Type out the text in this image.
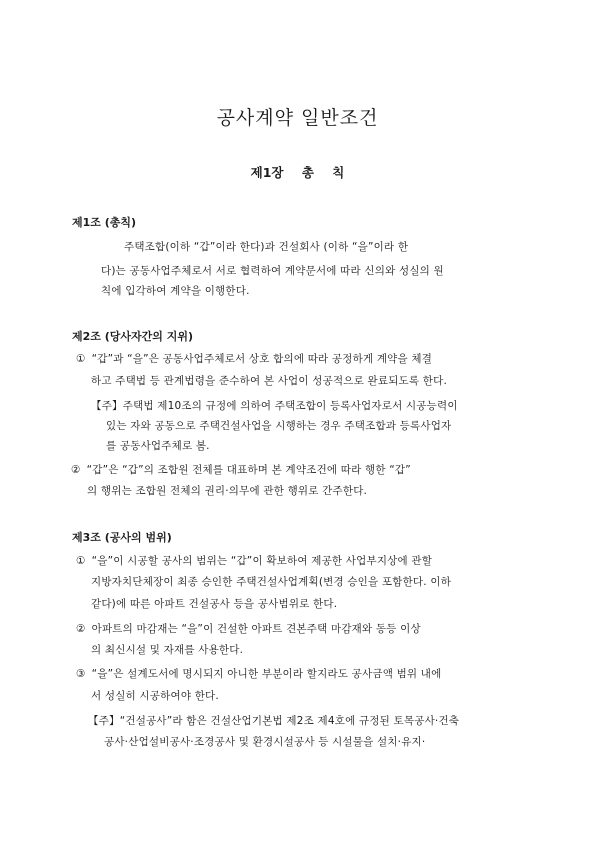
공사계약 일반조건
제1장 총 칙
제1조 (총칙)
주택조합(이하 “갑”이라 한다)과 건설회사 (이하 “을”이라 한
다)는 공동사업주체로서 서로 협력하여 계약문서에 따라 신의와 성실의 원
칙에 입각하여 계약을 이행한다.
제2조 (당사자간의 지위)
① “갑”과 “을”은 공동사업주체로서 상호 합의에 따라 공정하게 계약을 체결
하고 주택법 등 관계법령을 준수하여 본 사업이 성공적으로 완료되도록 한다.
【주】주택법 제10조의 규정에 의하여 주택조합이 등록사업자로서 시공능력이
있는 자와 공동으로 주택건설사업을 시행하는 경우 주택조합과 등록사업자
를 공동사업주체로 봄.
② “갑”은 “갑”의 조합원 전체를 대표하며 본 계약조건에 따라 행한 “갑”
의 행위는 조합원 전체의 권리·의무에 관한 행위로 간주한다.
제3조 (공사의 범위)
① “을”이 시공할 공사의 범위는 “갑”이 확보하여 제공한 사업부지상에 관할
지방자치단체장이 최종 승인한 주택건설사업계획(변경 승인을 포함한다. 이하
같다)에 따른 아파트 건설공사 등을 공사범위로 한다.
② 아파트의 마감재는 “을”이 건설한 아파트 견본주택 마감재와 동등 이상
의 최신시설 및 자재를 사용한다.
③ “을”은 설계도서에 명시되지 아니한 부분이라 할지라도 공사금액 범위 내에
서 성실히 시공하여야 한다.
【주】“건설공사”라 함은 건설산업기본법 제2조 제4호에 규정된 토목공사·건축
공사·산업설비공사·조경공사 및 환경시설공사 등 시설물을 설치·유지·
